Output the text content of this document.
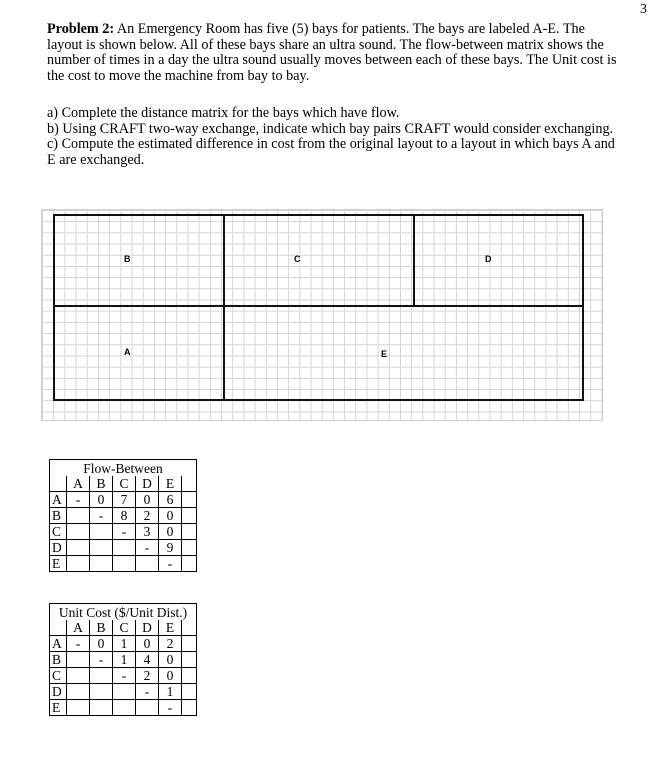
3
Problem 2: An Emergency Room has five (5) bays for patients. The bays are labeled A-E. The layout is shown below. All of these bays share an ultra sound. The flow-between matrix shows the number of times in a day the ultra sound usually moves between each of these bays. The Unit cost is the cost to move the machine from bay to bay.

a) Complete the distance matrix for the bays which have flow.

b) Using CRAFT two-way exchange, indicate which bay pairs CRAFT would consider exchanging.

c) Compute the estimated difference in cost from the original layout to a layout in which bays A and E are exchanged.

B	C	D
A	E
Flow-Between						
	A	B	C	D	E	
A	-	0	7	0	6	
B		-	8	2	0	
C			-	3	0	
D				-	9	
E					-	
Unit Cost ($/Unit Dist.)						
	A	B	C	D	E	
A	-	0	1	0	2	
B		-	1	4	0	
C			-	2	0	
D				-	1	
E					-	
